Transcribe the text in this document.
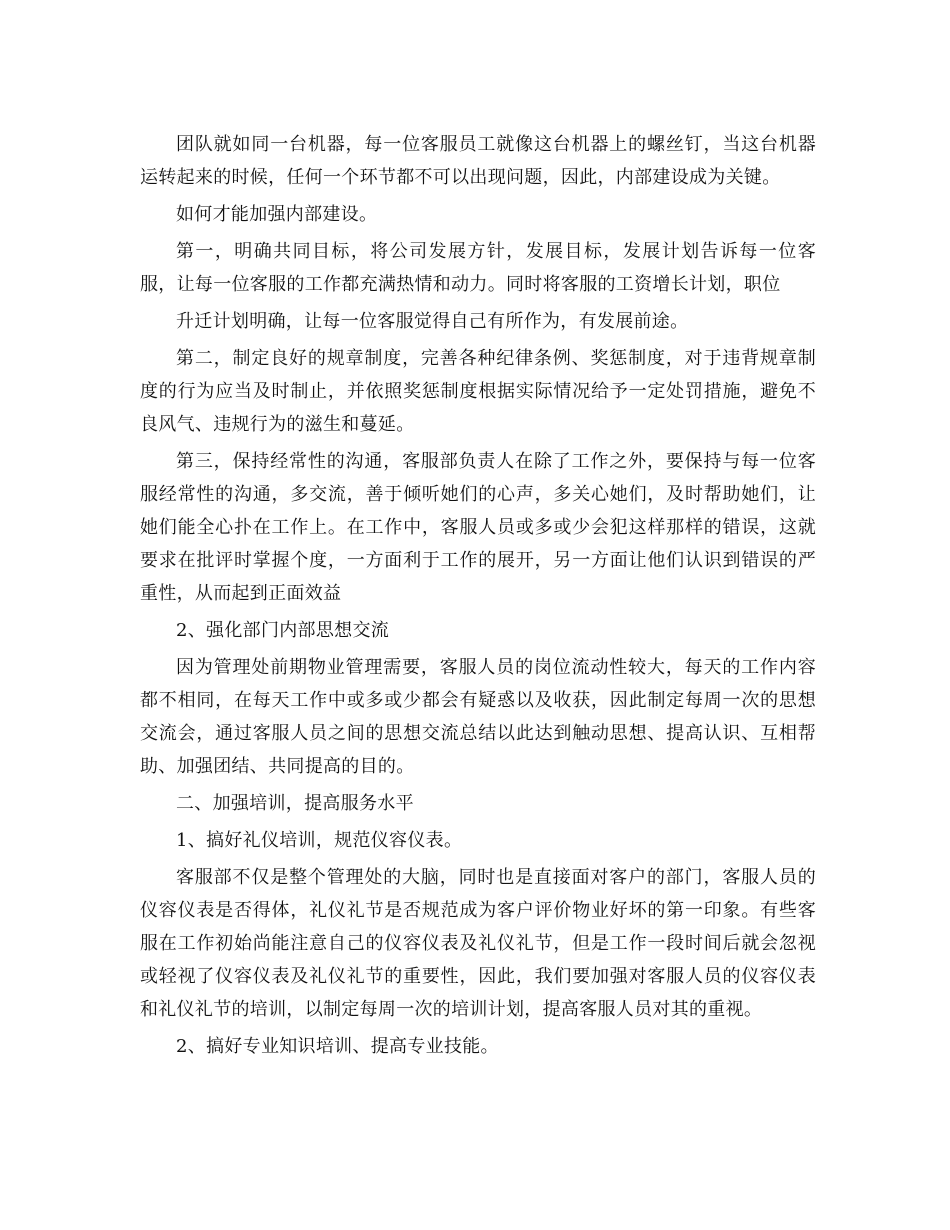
团队就如同一台机器，每一位客服员工就像这台机器上的螺丝钉，当这台机器运转起来的时候，任何一个环节都不可以出现问题，因此，内部建设成为关键。

如何才能加强内部建设。

第一，明确共同目标，将公司发展方针，发展目标，发展计划告诉每一位客服，让每一位客服的工作都充满热情和动力。同时将客服的工资增长计划，职位

升迁计划明确，让每一位客服觉得自己有所作为，有发展前途。

第二，制定良好的规章制度，完善各种纪律条例、奖惩制度，对于违背规章制度的行为应当及时制止，并依照奖惩制度根据实际情况给予一定处罚措施，避免不良风气、违规行为的滋生和蔓延。

第三，保持经常性的沟通，客服部负责人在除了工作之外，要保持与每一位客服经常性的沟通，多交流，善于倾听她们的心声，多关心她们，及时帮助她们，让她们能全心扑在工作上。在工作中，客服人员或多或少会犯这样那样的错误，这就要求在批评时掌握个度，一方面利于工作的展开，另一方面让他们认识到错误的严重性，从而起到正面效益

2、强化部门内部思想交流

因为管理处前期物业管理需要，客服人员的岗位流动性较大，每天的工作内容都不相同，在每天工作中或多或少都会有疑惑以及收获，因此制定每周一次的思想交流会，通过客服人员之间的思想交流总结以此达到触动思想、提高认识、互相帮助、加强团结、共同提高的目的。

二、加强培训，提高服务水平

1、搞好礼仪培训，规范仪容仪表。

客服部不仅是整个管理处的大脑，同时也是直接面对客户的部门，客服人员的仪容仪表是否得体，礼仪礼节是否规范成为客户评价物业好坏的第一印象。有些客服在工作初始尚能注意自己的仪容仪表及礼仪礼节，但是工作一段时间后就会忽视或轻视了仪容仪表及礼仪礼节的重要性，因此，我们要加强对客服人员的仪容仪表和礼仪礼节的培训，以制定每周一次的培训计划，提高客服人员对其的重视。

2、搞好专业知识培训、提高专业技能。
